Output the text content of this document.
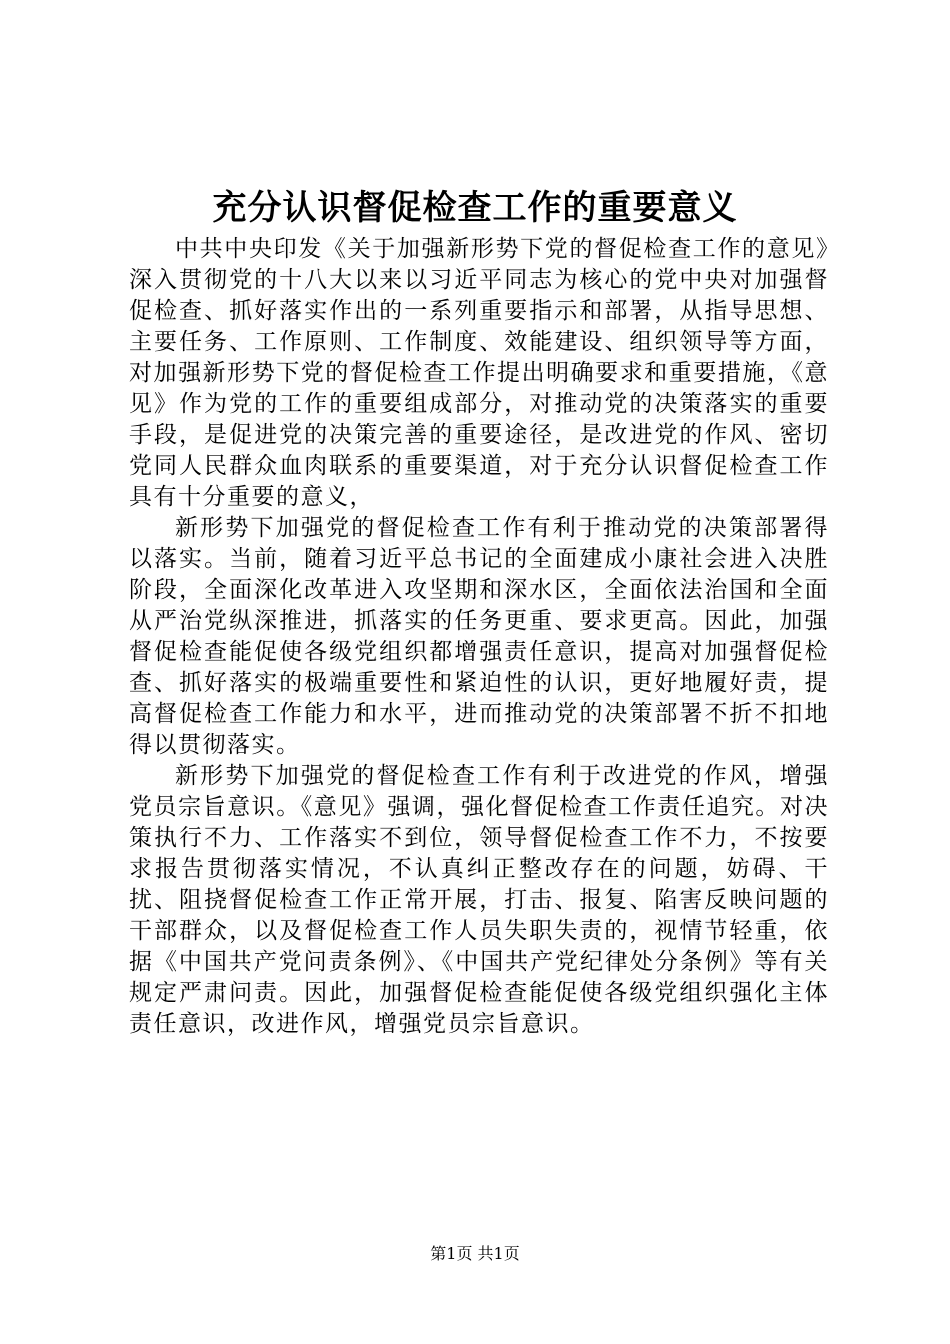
充分认识督促检查工作的重要意义

中共中央印发《关于加强新形势下党的督促检查工作的意见》深入贯彻党的十八大以来以习近平同志为核心的党中央对加强督促检查、抓好落实作出的一系列重要指示和部署，从指导思想、主要任务、工作原则、工作制度、效能建设、组织领导等方面，对加强新形势下党的督促检查工作提出明确要求和重要措施，《意见》作为党的工作的重要组成部分，对推动党的决策落实的重要手段，是促进党的决策完善的重要途径，是改进党的作风、密切党同人民群众血肉联系的重要渠道，对于充分认识督促检查工作具有十分重要的意义，

新形势下加强党的督促检查工作有利于推动党的决策部署得以落实。当前，随着习近平总书记的全面建成小康社会进入决胜阶段，全面深化改革进入攻坚期和深水区，全面依法治国和全面从严治党纵深推进，抓落实的任务更重、要求更高。因此，加强督促检查能促使各级党组织都增强责任意识，提高对加强督促检查、抓好落实的极端重要性和紧迫性的认识，更好地履好责，提高督促检查工作能力和水平，进而推动党的决策部署不折不扣地得以贯彻落实。

新形势下加强党的督促检查工作有利于改进党的作风，增强党员宗旨意识。《意见》强调，强化督促检查工作责任追究。对决策执行不力、工作落实不到位，领导督促检查工作不力，不按要求报告贯彻落实情况，不认真纠正整改存在的问题，妨碍、干扰、阻挠督促检查工作正常开展，打击、报复、陷害反映问题的干部群众，以及督促检查工作人员失职失责的，视情节轻重，依据《中国共产党问责条例》、《中国共产党纪律处分条例》等有关规定严肃问责。因此，加强督促检查能促使各级党组织强化主体责任意识，改进作风，增强党员宗旨意识。

第1页 共1页
